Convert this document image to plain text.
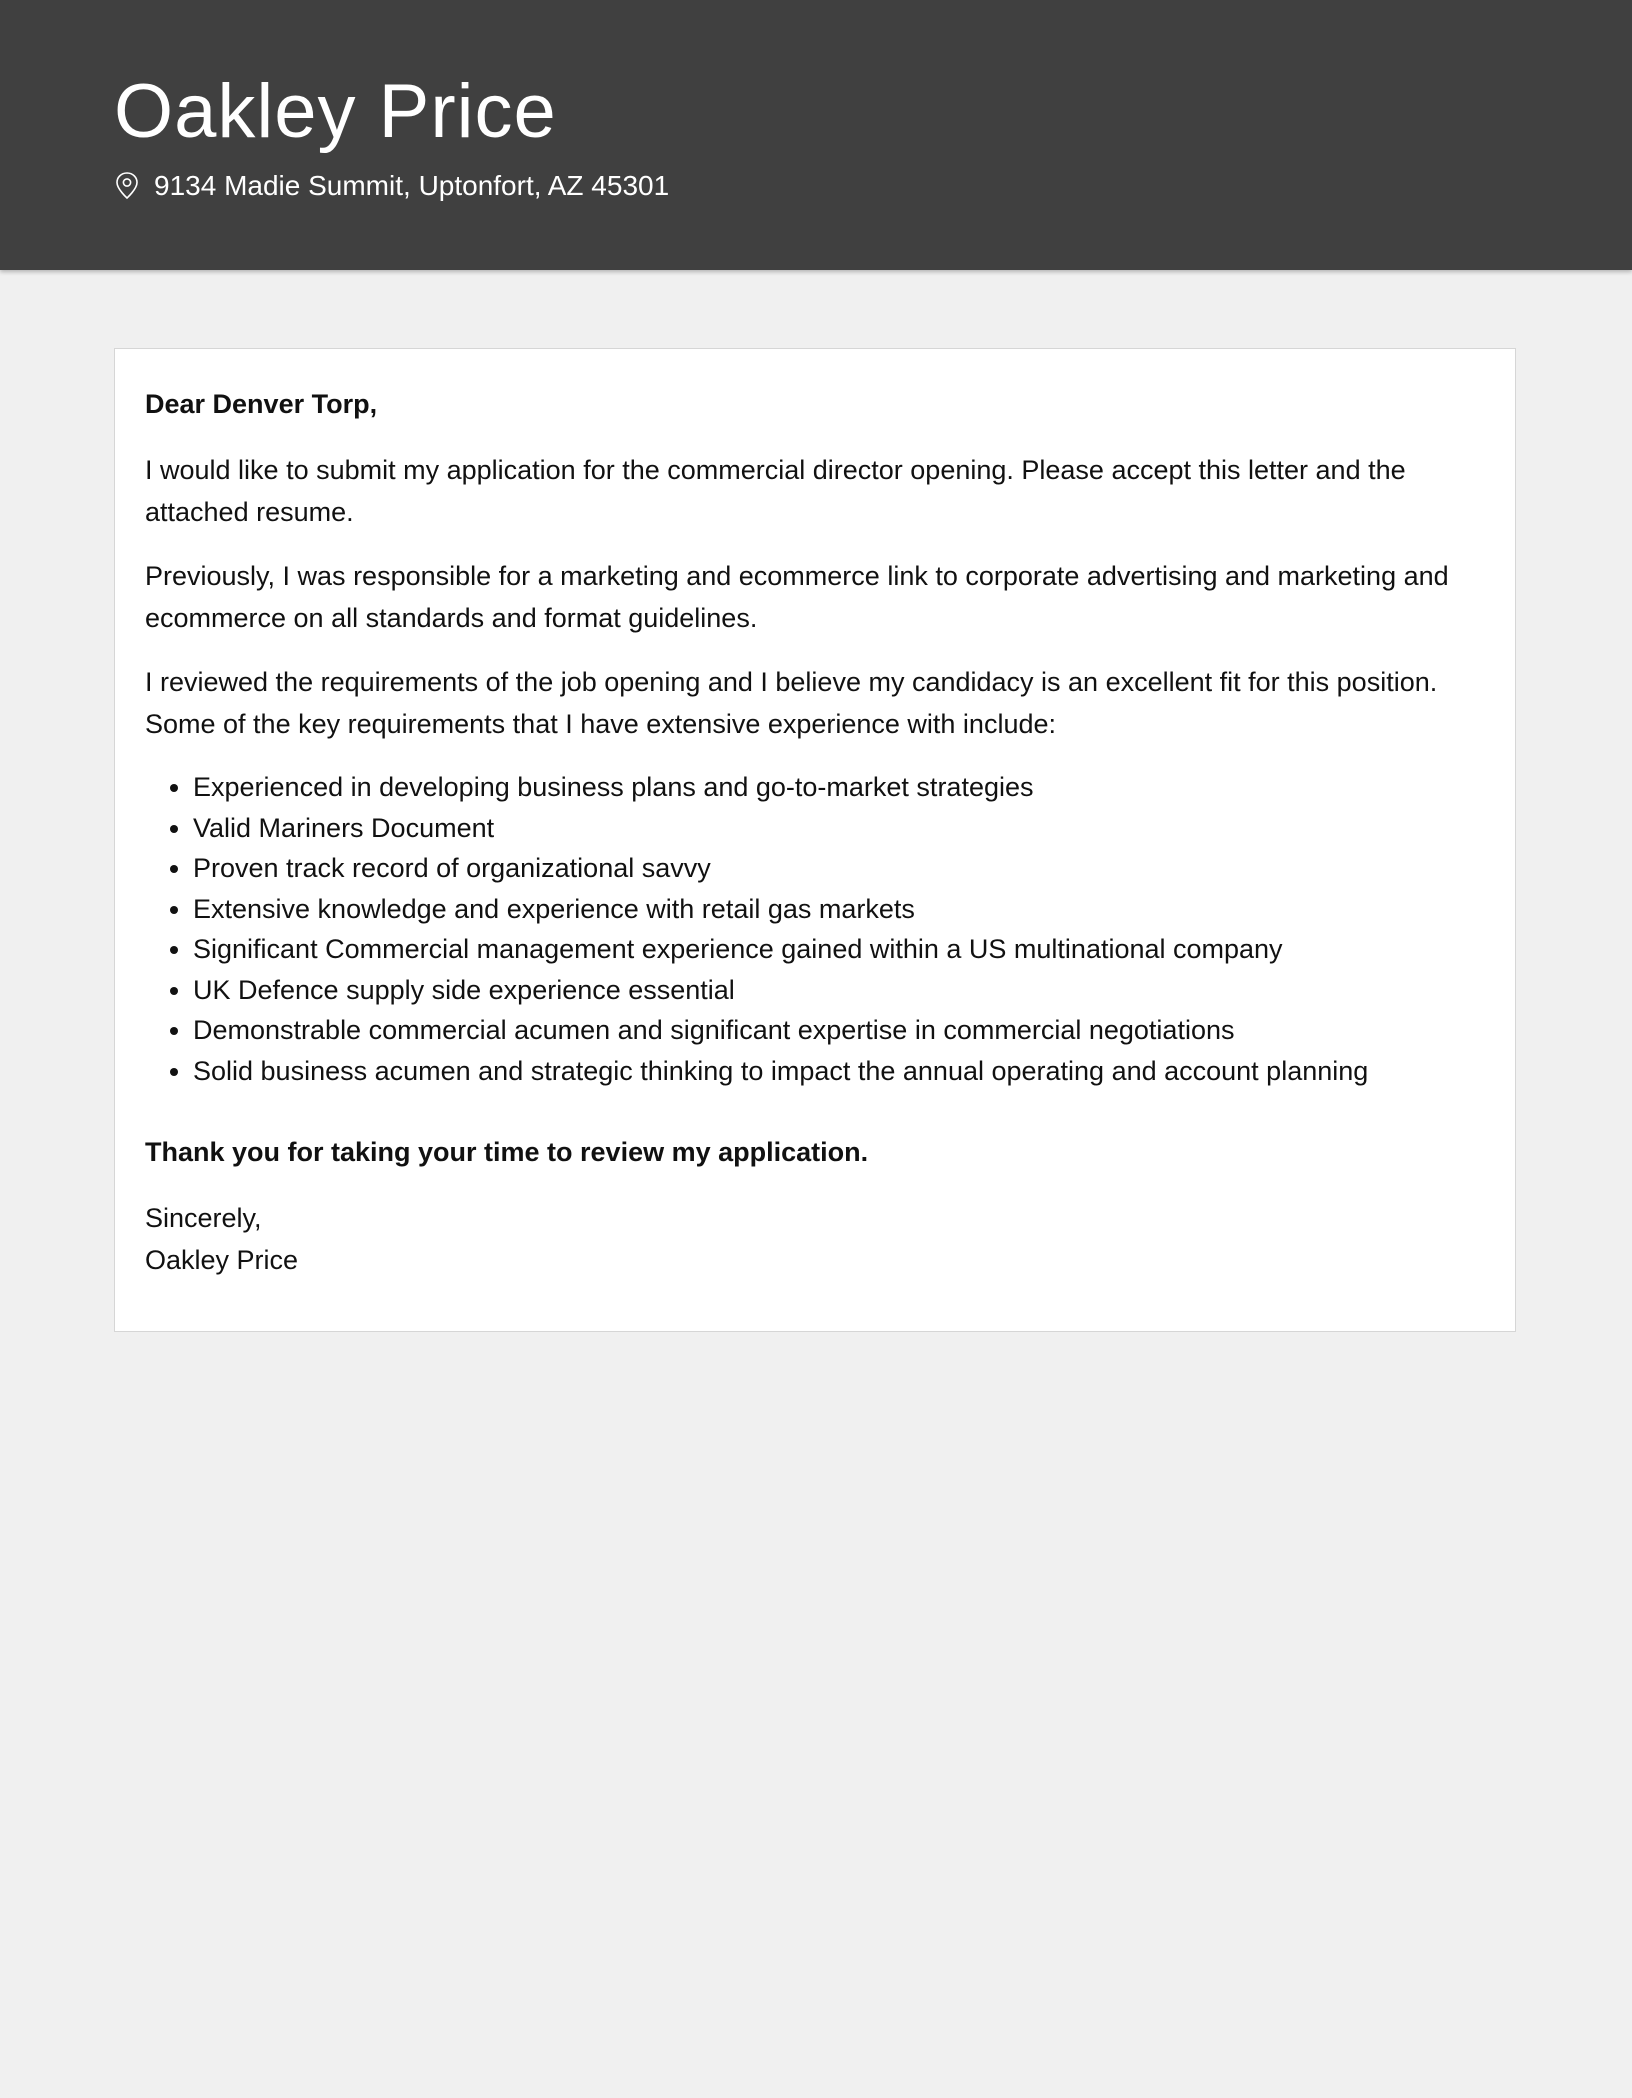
Oakley Price
9134 Madie Summit, Uptonfort, AZ 45301

Dear Denver Torp,

I would like to submit my application for the commercial director opening. Please accept this letter and the attached resume.

Previously, I was responsible for a marketing and ecommerce link to corporate advertising and marketing and ecommerce on all standards and format guidelines.

I reviewed the requirements of the job opening and I believe my candidacy is an excellent fit for this position. Some of the key requirements that I have extensive experience with include:

• Experienced in developing business plans and go-to-market strategies
• Valid Mariners Document
• Proven track record of organizational savvy
• Extensive knowledge and experience with retail gas markets
• Significant Commercial management experience gained within a US multinational company
• UK Defence supply side experience essential
• Demonstrable commercial acumen and significant expertise in commercial negotiations
• Solid business acumen and strategic thinking to impact the annual operating and account planning

Thank you for taking your time to review my application.

Sincerely,

Oakley Price
